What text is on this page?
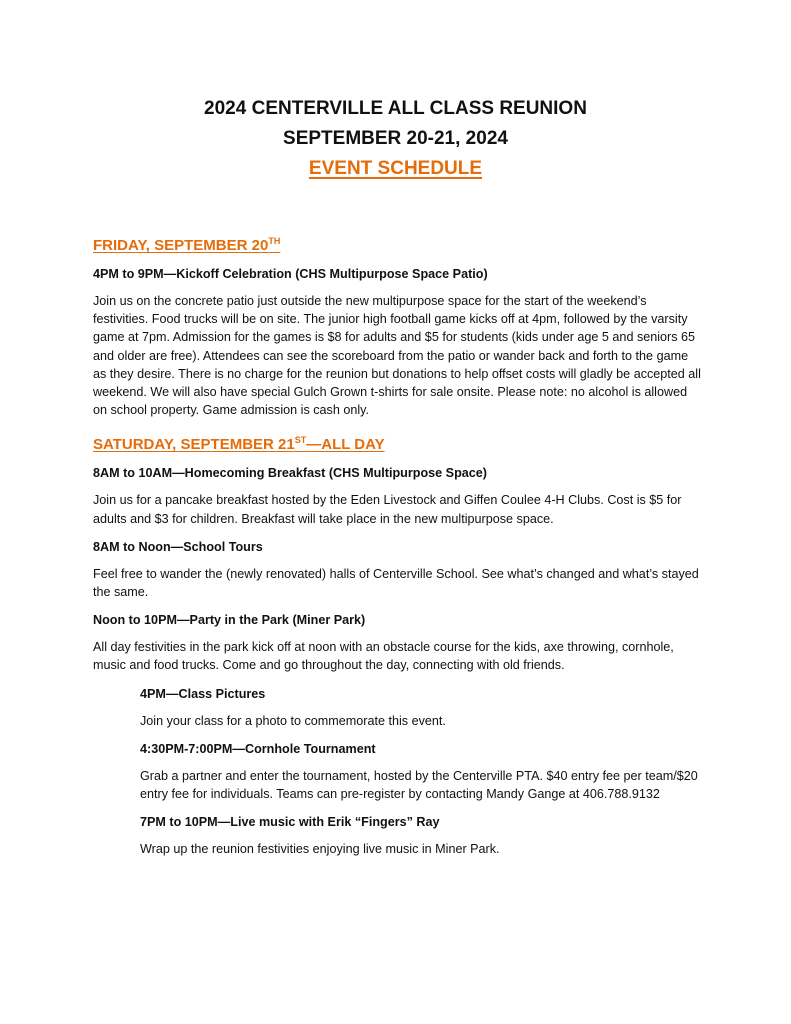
2024 CENTERVILLE ALL CLASS REUNION

SEPTEMBER 20-21, 2024

EVENT SCHEDULE

FRIDAY, SEPTEMBER 20TH

4PM to 9PM—Kickoff Celebration (CHS Multipurpose Space Patio)

Join us on the concrete patio just outside the new multipurpose space for the start of the weekend’s festivities. Food trucks will be on site. The junior high football game kicks off at 4pm, followed by the varsity game at 7pm. Admission for the games is $8 for adults and $5 for students (kids under age 5 and seniors 65 and older are free). Attendees can see the scoreboard from the patio or wander back and forth to the game as they desire. There is no charge for the reunion but donations to help offset costs will gladly be accepted all weekend. We will also have special Gulch Grown t-shirts for sale onsite. Please note: no alcohol is allowed on school property. Game admission is cash only.

SATURDAY, SEPTEMBER 21ST—ALL DAY

8AM to 10AM—Homecoming Breakfast (CHS Multipurpose Space)

Join us for a pancake breakfast hosted by the Eden Livestock and Giffen Coulee 4-H Clubs. Cost is $5 for adults and $3 for children. Breakfast will take place in the new multipurpose space.

8AM to Noon—School Tours

Feel free to wander the (newly renovated) halls of Centerville School. See what’s changed and what’s stayed the same.

Noon to 10PM—Party in the Park (Miner Park)

All day festivities in the park kick off at noon with an obstacle course for the kids, axe throwing, cornhole, music and food trucks. Come and go throughout the day, connecting with old friends.

4PM—Class Pictures

Join your class for a photo to commemorate this event.

4:30PM-7:00PM—Cornhole Tournament

Grab a partner and enter the tournament, hosted by the Centerville PTA. $40 entry fee per team/$20 entry fee for individuals. Teams can pre-register by contacting Mandy Gange at 406.788.9132

7PM to 10PM—Live music with Erik “Fingers” Ray

Wrap up the reunion festivities enjoying live music in Miner Park.
